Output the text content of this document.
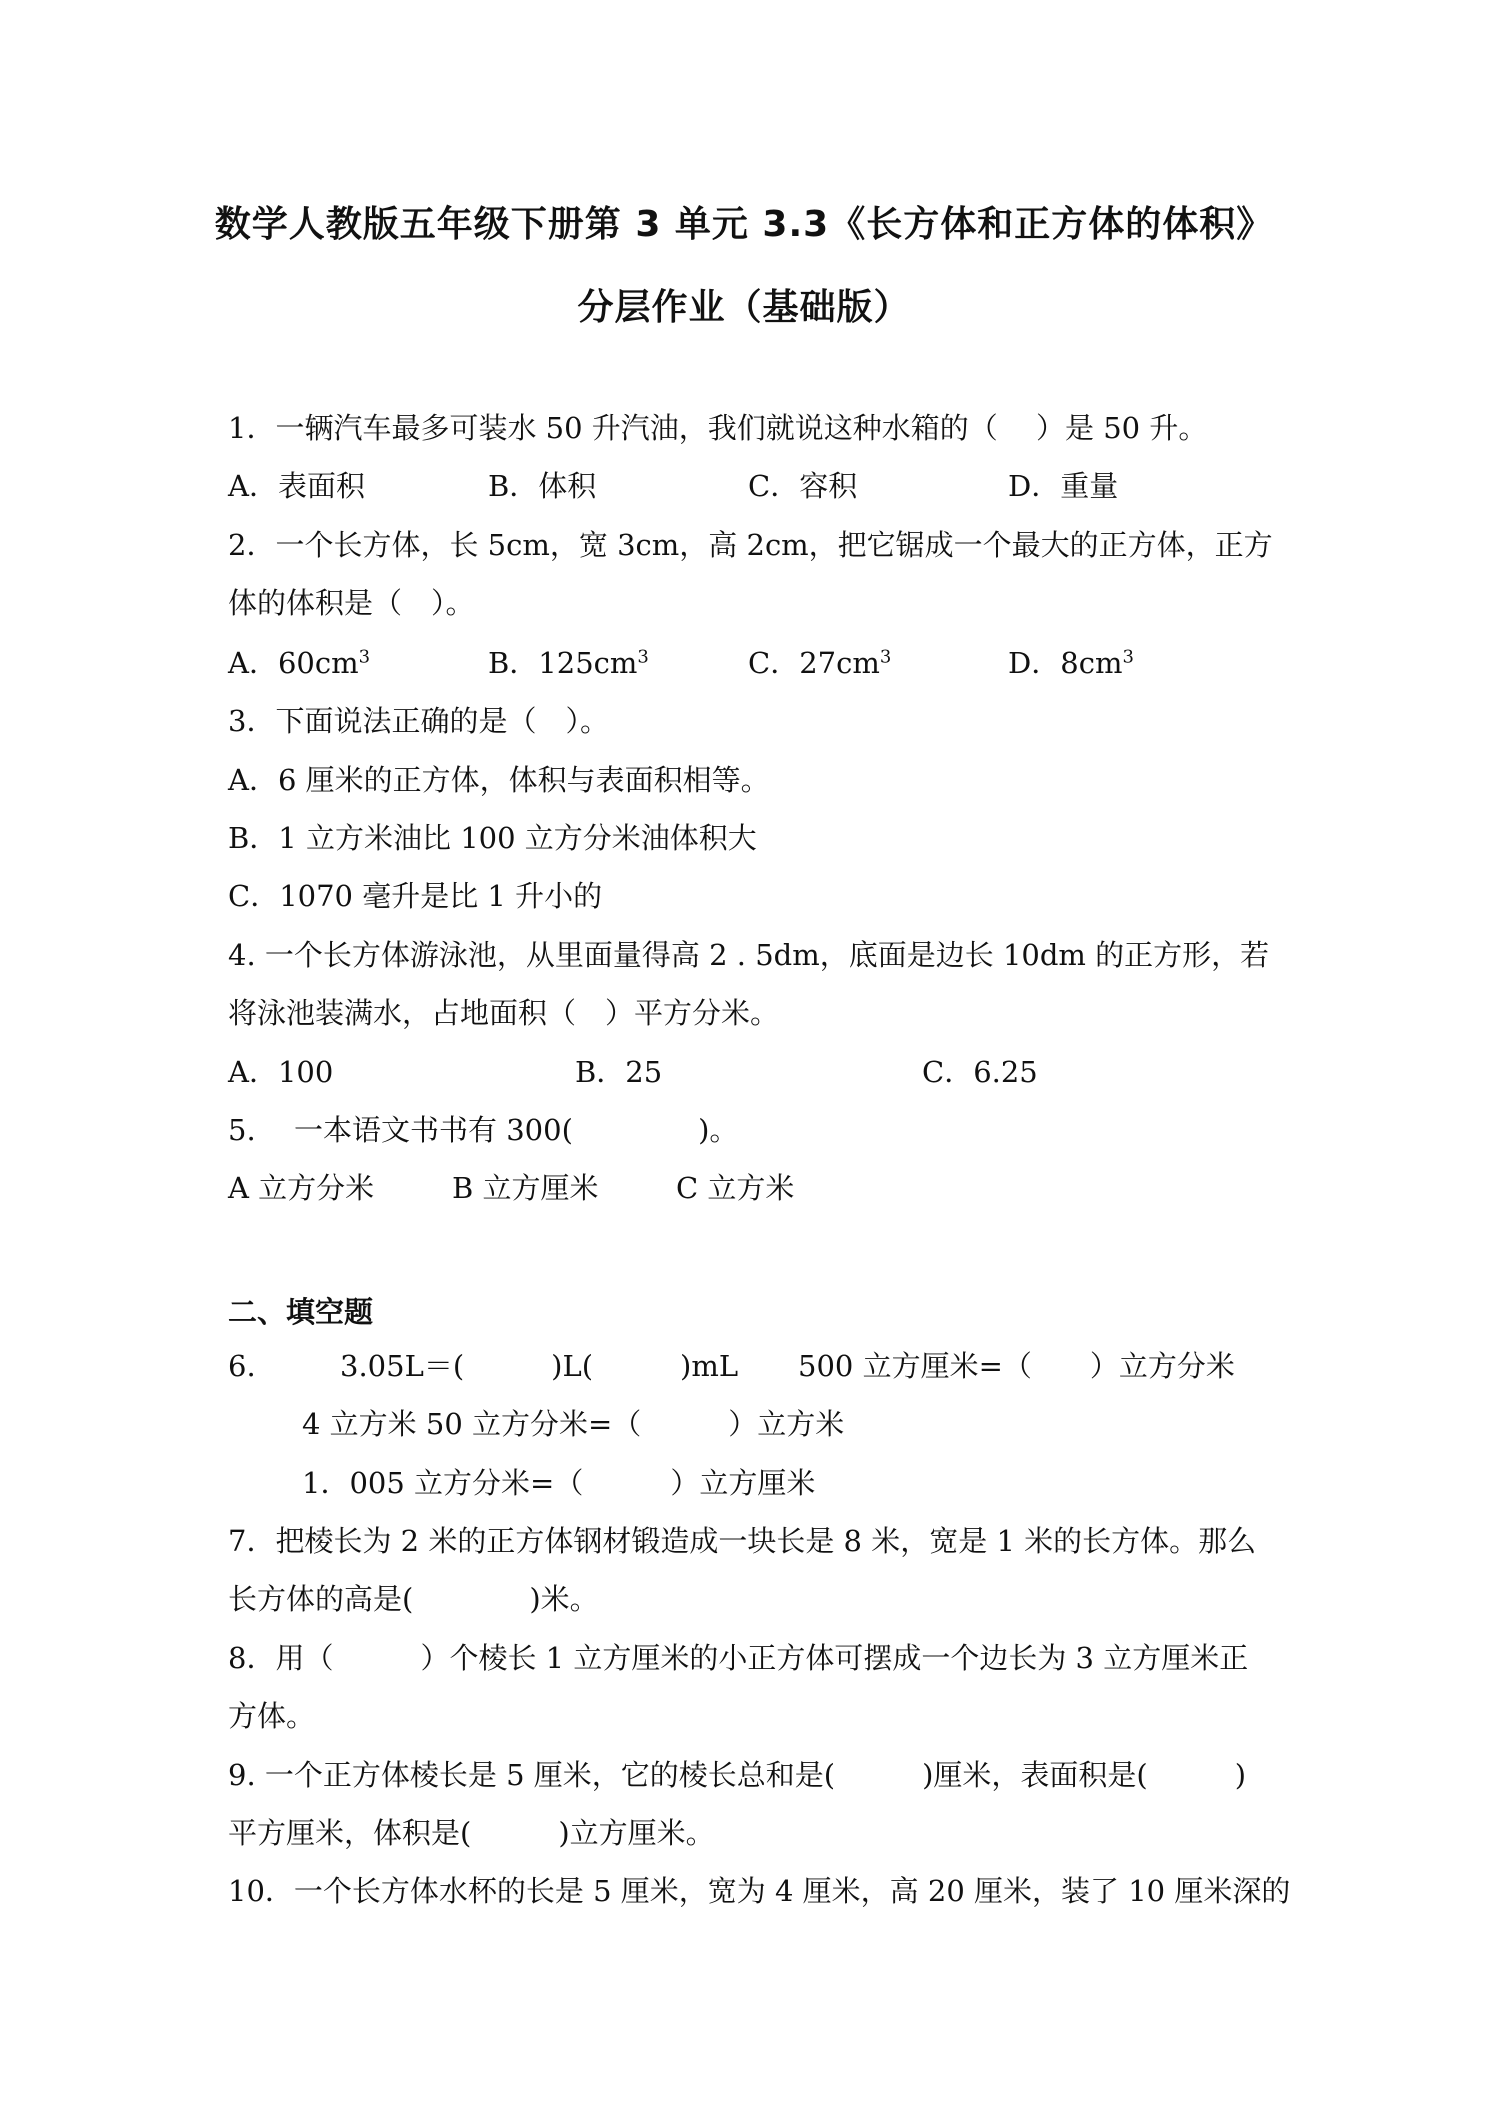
数学人教版五年级下册第 3 单元 3.3《长方体和正方体的体积》
分层作业（基础版）
1．一辆汽车最多可装水 50 升汽油，我们就说这种水箱的（　 ）是 50 升。
A．表面积	B．体积	C．容积	D．重量
2．一个长方体，长 5cm，宽 3cm，高 2cm，把它锯成一个最大的正方体，正方
体的体积是（　）。
A．$60cm^3$	B．$125cm^3$	C．$27cm^3$	D．$8cm^3$
3．下面说法正确的是（　）。
A．6 厘米的正方体，体积与表面积相等。
B．1 立方米油比 100 立方分米油体积大
C．1070 毫升是比 1 升小的
4. 一个长方体游泳池，从里面量得高 2 . 5dm，底面是边长 10dm 的正方形，若
将泳池装满水，占地面积（　）平方分米。
A．100	B．25	C．6.25
5. 一本语文书书有 300(　　　　 )。
A 立方分米	B 立方厘米	C 立方米
二、填空题
6.	3.05L＝(　　　)L(　　　)mL 500 立方厘米=（　　）立方分米
4 立方米 50 立方分米=（　　　）立方米
1．005 立方分米=（　　　）立方厘米
7．把棱长为 2 米的正方体钢材锻造成一块长是 8 米，宽是 1 米的长方体。那么
长方体的高是(　　　　)米。
8．用（　　　）个棱长 1 立方厘米的小正方体可摆成一个边长为 3 立方厘米正
方体。
9. 一个正方体棱长是 5 厘米，它的棱长总和是(　　　)厘米，表面积是(　　　)
平方厘米，体积是(　　　)立方厘米。
10．一个长方体水杯的长是 5 厘米，宽为 4 厘米，高 20 厘米，装了 10 厘米深的
